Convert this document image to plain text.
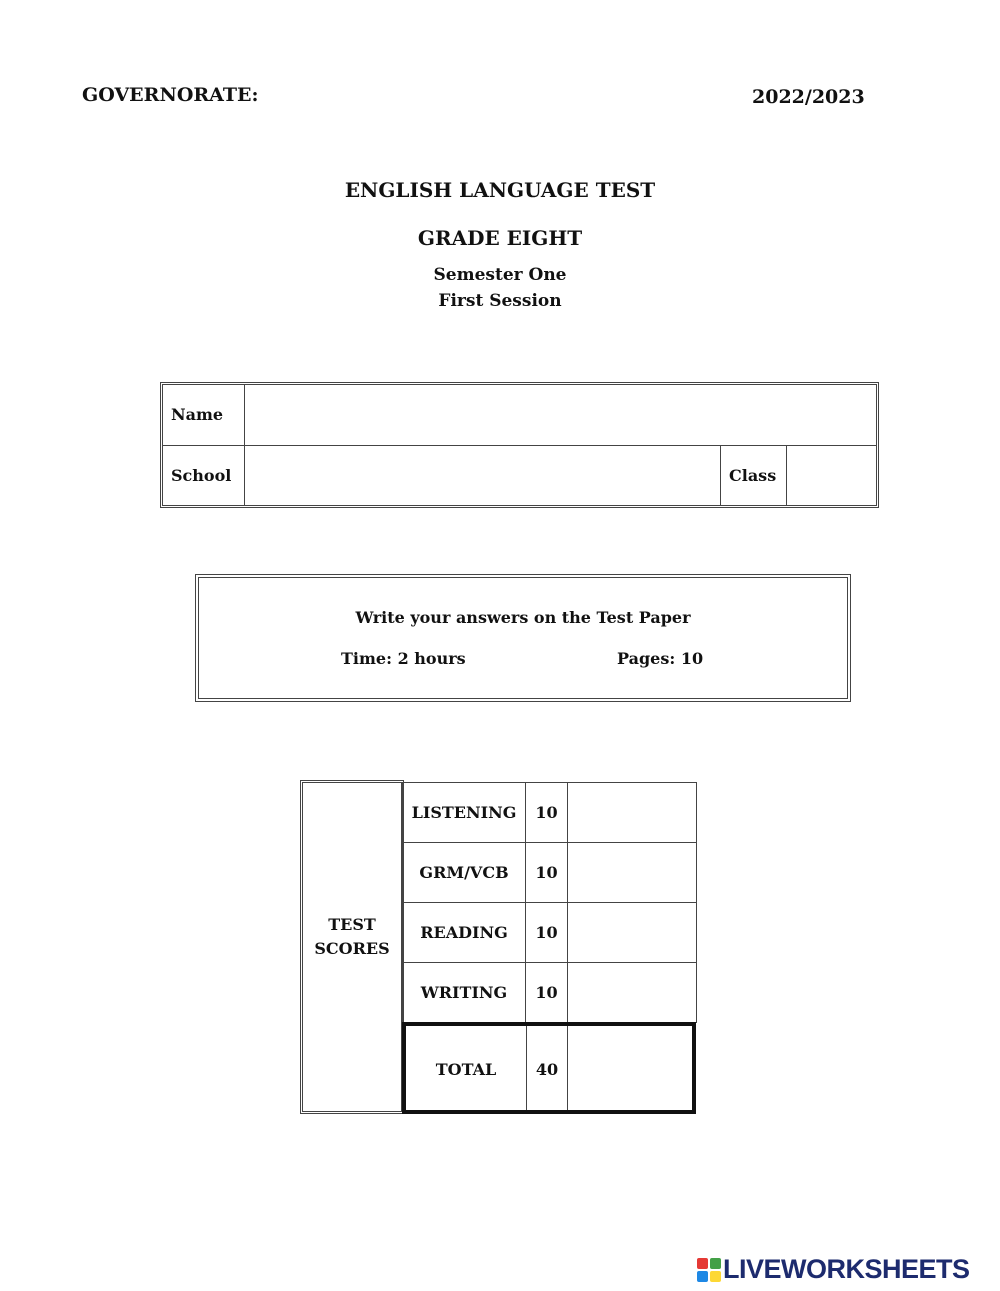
GOVERNORATE:	2022/2023
ENGLISH LANGUAGE TEST
GRADE EIGHT
Semester One
First Session
Name			
School		Class	
Write your answers on the Test Paper
Time: 2 hours	Pages: 10
TEST
SCORES
LISTENING	10	
GRM/VCB	10	
READING	10	
WRITING	10	
TOTAL	40
LIVEWORKSHEETS
